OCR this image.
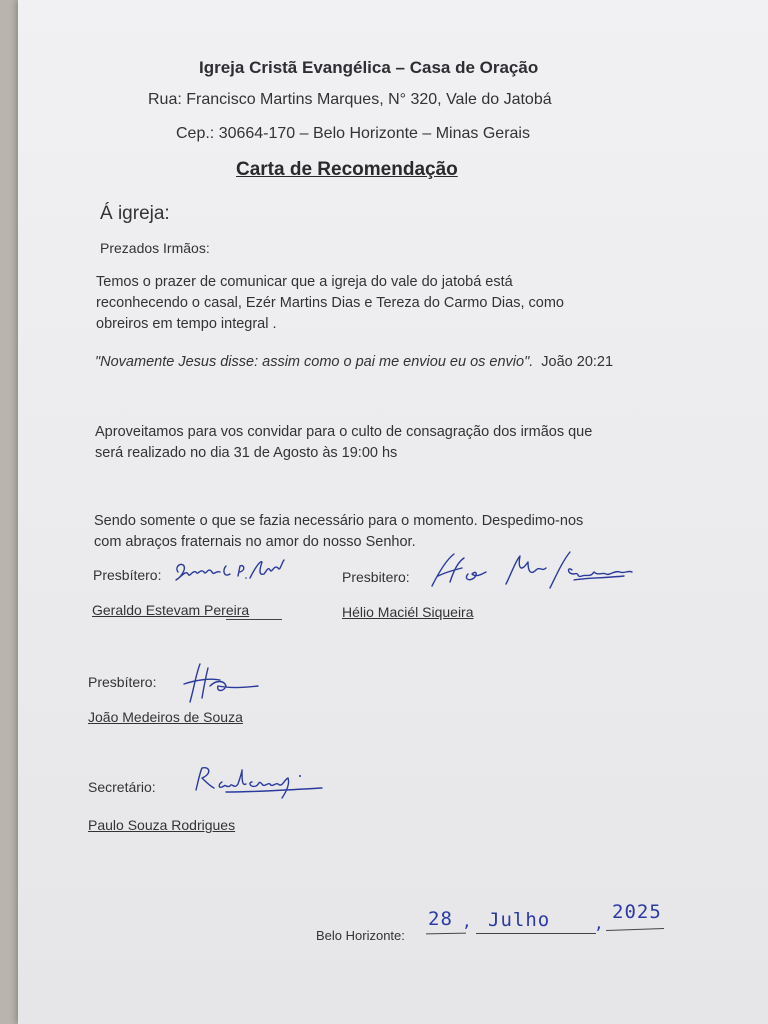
Igreja Cristã Evangélica – Casa de Oração
Rua: Francisco Martins Marques, N° 320, Vale do Jatobá
Cep.: 30664-170 – Belo Horizonte – Minas Gerais
Carta de Recomendação
Á igreja:
Prezados Irmãos:
Temos o prazer de comunicar que a igreja do vale do jatobá está
reconhecendo o casal, Ezér Martins Dias e Tereza do Carmo Dias, como
obreiros em tempo integral .
"Novamente Jesus disse: assim como o pai me enviou eu os envio". João 20:21
Aproveitamos para vos convidar para o culto de consagração dos irmãos que
será realizado no dia 31 de Agosto às 19:00 hs
Sendo somente o que se fazia necessário para o momento. Despedimo-nos
com abraços fraternais no amor do nosso Senhor.
Presbítero:
Geraldo Estevam Pereira
Presbitero:
Hélio Maciél Siqueira
Presbítero:
João Medeiros de Souza
Secretário:
Paulo Souza Rodrigues
Belo Horizonte:
28 , Julho	,
2025
